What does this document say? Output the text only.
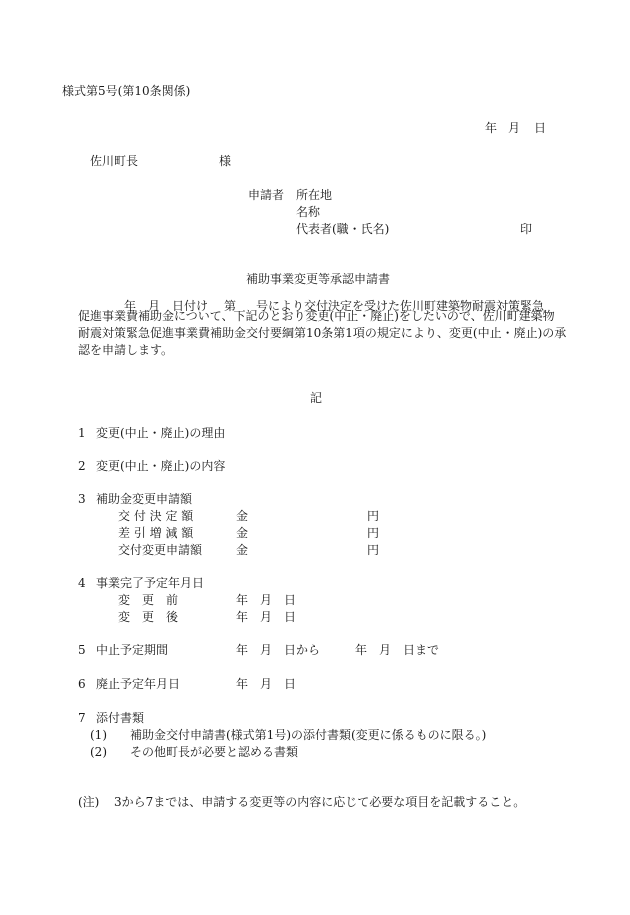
様式第5号(第10条関係)
年 月 日
佐川町長	様
申請者 所在地
名称
代表者(職・氏名)	印
補助事業変更等承認申請書
年　月　日付け 第 号により交付決定を受けた佐川町建築物耐震対策緊急
促進事業費補助金について、下記のとおり変更(中止・廃止)をしたいので、佐川町建築物
耐震対策緊急促進事業費補助金交付要綱第10条第1項の規定により、変更(中止・廃止)の承
認を申請します。
記
1 変更(中止・廃止)の理由
2 変更(中止・廃止)の内容
3 補助金変更申請額
交 付 決 定 額	金	円
差 引 増 減 額	金	円
交付変更申請額	金	円
4 事業完了予定年月日
変　更　前	年　月　日
変　更　後	年　月　日
5 中止予定期間	年　月　日から	年　月　日まで
6 廃止予定年月日	年　月　日
7 添付書類
(1) 補助金交付申請書(様式第1号)の添付書類(変更に係るものに限る。)
(2) その他町長が必要と認める書類
(注) 3から7までは、申請する変更等の内容に応じて必要な項目を記載すること。
